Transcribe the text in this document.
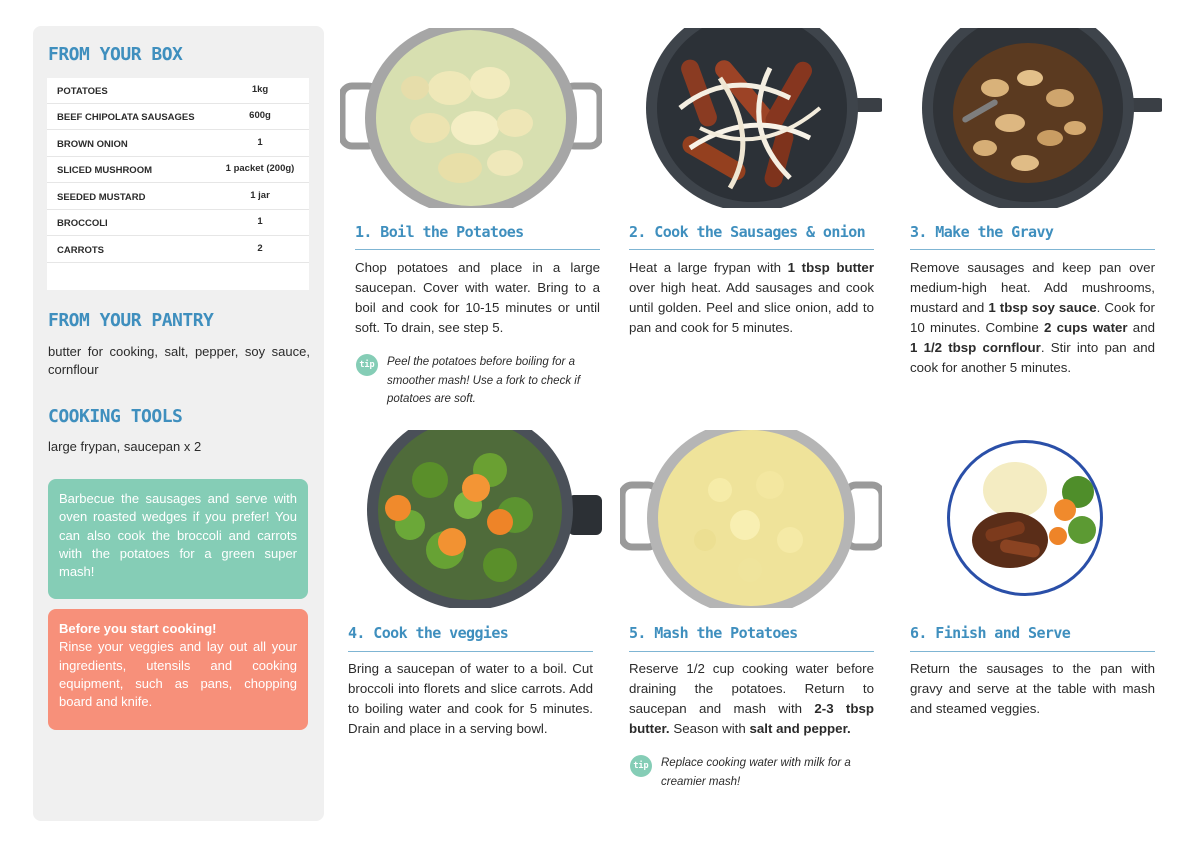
FROM YOUR BOX
POTATOES	1kg
BEEF CHIPOLATA SAUSAGES	600g
BROWN ONION	1
SLICED MUSHROOM	1 packet (200g)
SEEDED MUSTARD	1 jar
BROCCOLI	1
CARROTS	2
FROM YOUR PANTRY
butter for cooking, salt, pepper, soy sauce, cornflour
COOKING TOOLS
large frypan, saucepan x 2
Barbecue the sausages and serve with oven roasted wedges if you prefer! You can also cook the broccoli and carrots with the potatoes for a green super mash!
Before you start cooking!
Rinse your veggies and lay out all your ingredients, utensils and cooking equipment, such as pans, chopping board and knife.
1. Boil the Potatoes
Chop potatoes and place in a large saucepan. Cover with water. Bring to a boil and cook for 10-15 minutes or until soft. To drain, see step 5.
tip Peel the potatoes before boiling for a smoother mash! Use a fork to check if potatoes are soft.
2. Cook the Sausages & onion
Heat a large frypan with 1 tbsp butter over high heat. Add sausages and cook until golden. Peel and slice onion, add to pan and cook for 5 minutes.
3. Make the Gravy
Remove sausages and keep pan over medium-high heat. Add mushrooms, mustard and 1 tbsp soy sauce. Cook for 10 minutes. Combine 2 cups water and 1 1/2 tbsp cornflour. Stir into pan and cook for another 5 minutes.
4. Cook the veggies
Bring a saucepan of water to a boil. Cut broccoli into florets and slice carrots. Add to boiling water and cook for 5 minutes. Drain and place in a serving bowl.
5. Mash the Potatoes
Reserve 1/2 cup cooking water before draining the potatoes. Return to saucepan and mash with 2-3 tbsp butter. Season with salt and pepper.
tip Replace cooking water with milk for a creamier mash!
6. Finish and Serve
Return the sausages to the pan with gravy and serve at the table with mash and steamed veggies.
